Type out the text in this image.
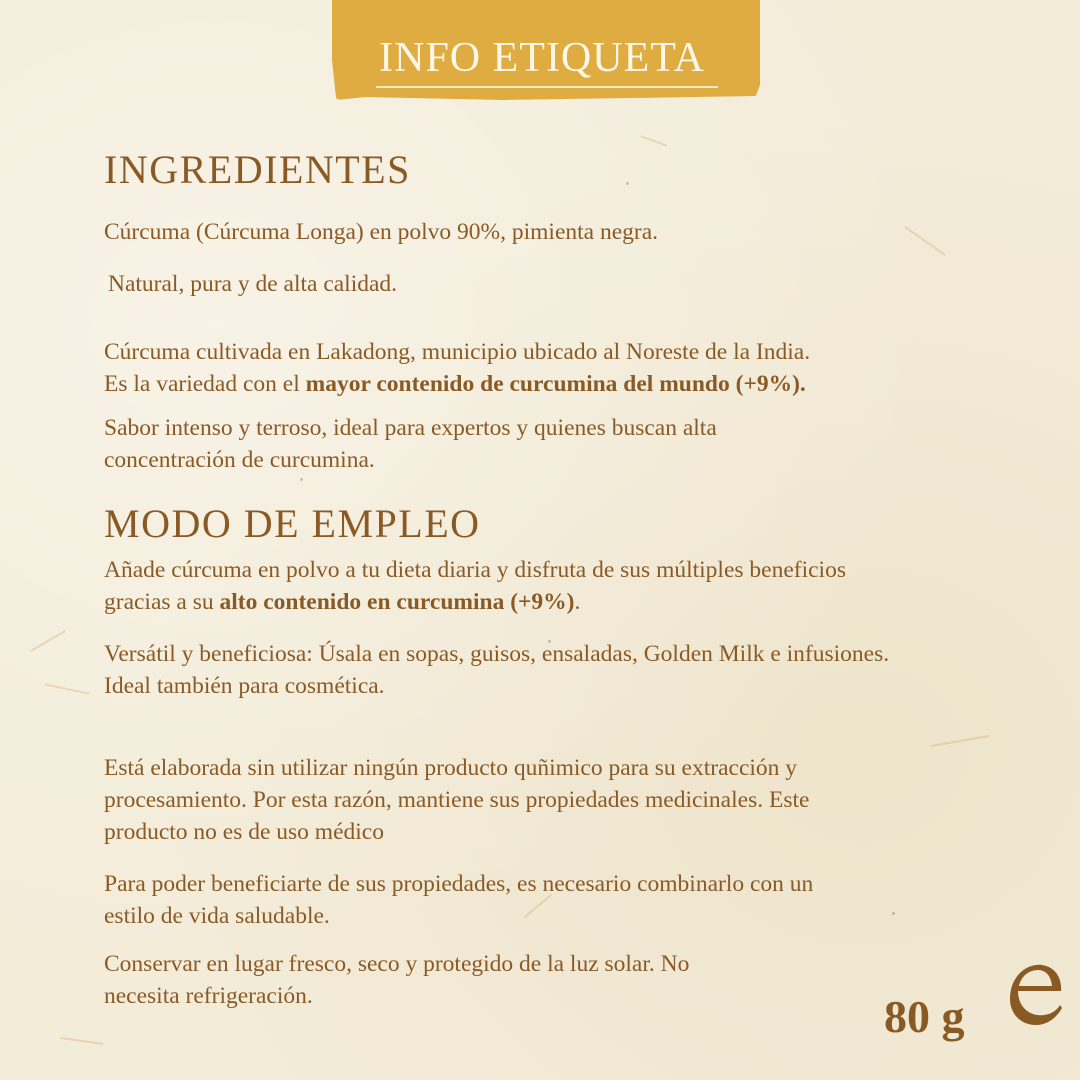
INFO ETIQUETA
INGREDIENTES
Cúrcuma (Cúrcuma Longa) en polvo 90%, pimienta negra.
Natural, pura y de alta calidad.
Cúrcuma cultivada en Lakadong, municipio ubicado al Noreste de la India.
Es la variedad con el mayor contenido de curcumina del mundo (+9%).
Sabor intenso y terroso, ideal para expertos y quienes buscan alta
concentración de curcumina.
MODO DE EMPLEO
Añade cúrcuma en polvo a tu dieta diaria y disfruta de sus múltiples beneficios
gracias a su alto contenido en curcumina (+9%).
Versátil y beneficiosa: Úsala en sopas, guisos, ensaladas, Golden Milk e infusiones.
Ideal también para cosmética.
Está elaborada sin utilizar ningún producto quñimico para su extracción y
procesamiento. Por esta razón, mantiene sus propiedades medicinales. Este
producto no es de uso médico
Para poder beneficiarte de sus propiedades, es necesario combinarlo con un
estilo de vida saludable.
Conservar en lugar fresco, seco y protegido de la luz solar. No
necesita refrigeración.	80 g
